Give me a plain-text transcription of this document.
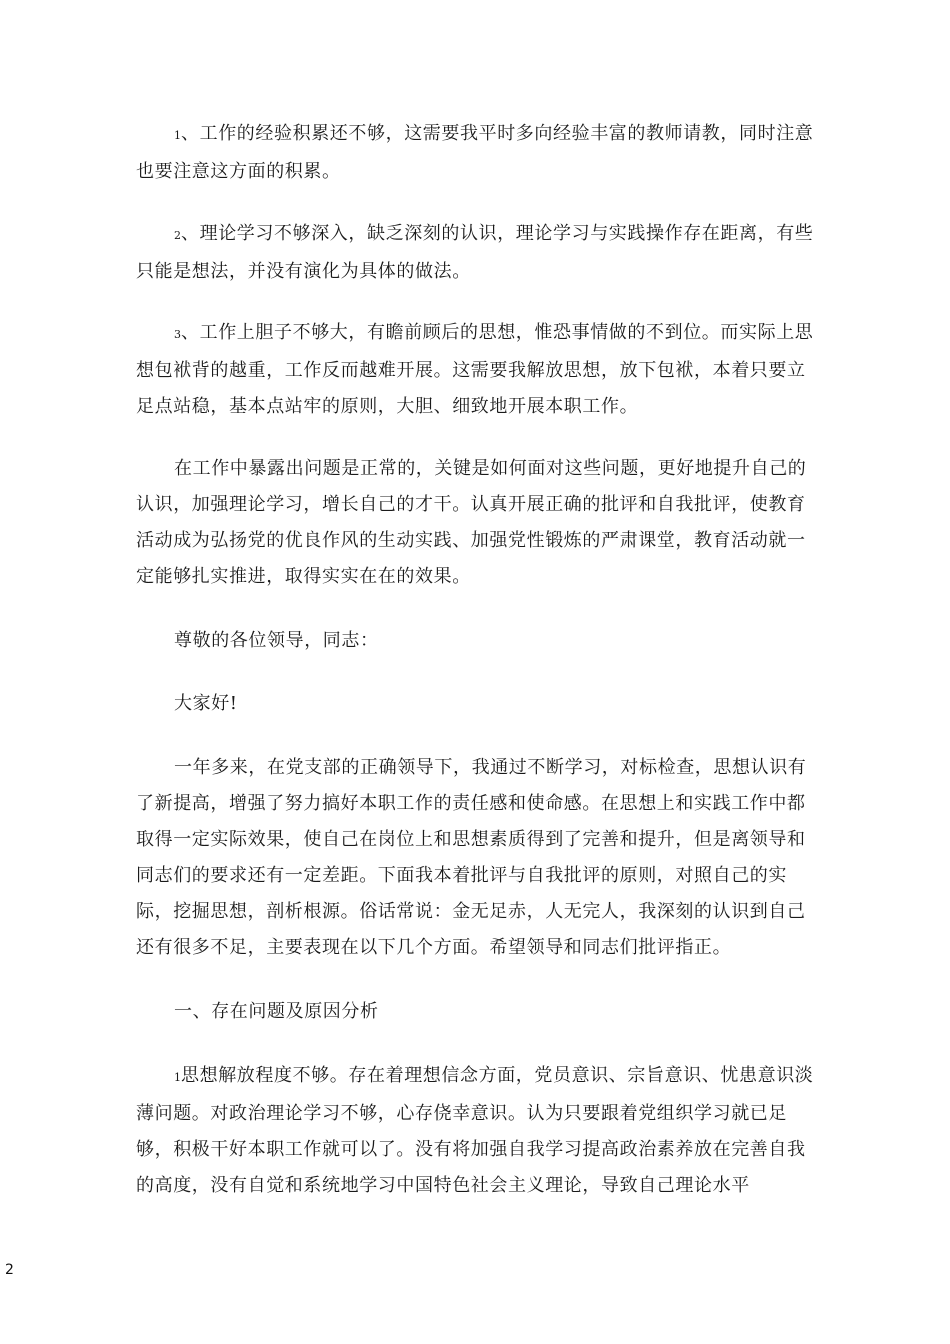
1、工作的经验积累还不够，这需要我平时多向经验丰富的教师请教，同时注意也要注意这方面的积累。

2、理论学习不够深入，缺乏深刻的认识，理论学习与实践操作存在距离，有些只能是想法，并没有演化为具体的做法。

3、工作上胆子不够大，有瞻前顾后的思想，惟恐事情做的不到位。而实际上思想包袱背的越重，工作反而越难开展。这需要我解放思想，放下包袱，本着只要立足点站稳，基本点站牢的原则，大胆、细致地开展本职工作。

在工作中暴露出问题是正常的，关键是如何面对这些问题，更好地提升自己的认识，加强理论学习，增长自己的才干。认真开展正确的批评和自我批评，使教育活动成为弘扬党的优良作风的生动实践、加强党性锻炼的严肃课堂，教育活动就一定能够扎实推进，取得实实在在的效果。

尊敬的各位领导，同志：

大家好!

一年多来，在党支部的正确领导下，我通过不断学习，对标检查，思想认识有了新提高，增强了努力搞好本职工作的责任感和使命感。在思想上和实践工作中都取得一定实际效果，使自己在岗位上和思想素质得到了完善和提升，但是离领导和同志们的要求还有一定差距。下面我本着批评与自我批评的原则，对照自己的实际，挖掘思想，剖析根源。俗话常说：金无足赤，人无完人，我深刻的认识到自己还有很多不足，主要表现在以下几个方面。希望领导和同志们批评指正。

一、存在问题及原因分析

1思想解放程度不够。存在着理想信念方面，党员意识、宗旨意识、忧患意识淡薄问题。对政治理论学习不够，心存侥幸意识。认为只要跟着党组织学习就已足够，积极干好本职工作就可以了。没有将加强自我学习提高政治素养放在完善自我的高度，没有自觉和系统地学习中国特色社会主义理论，导致自己理论水平

2
